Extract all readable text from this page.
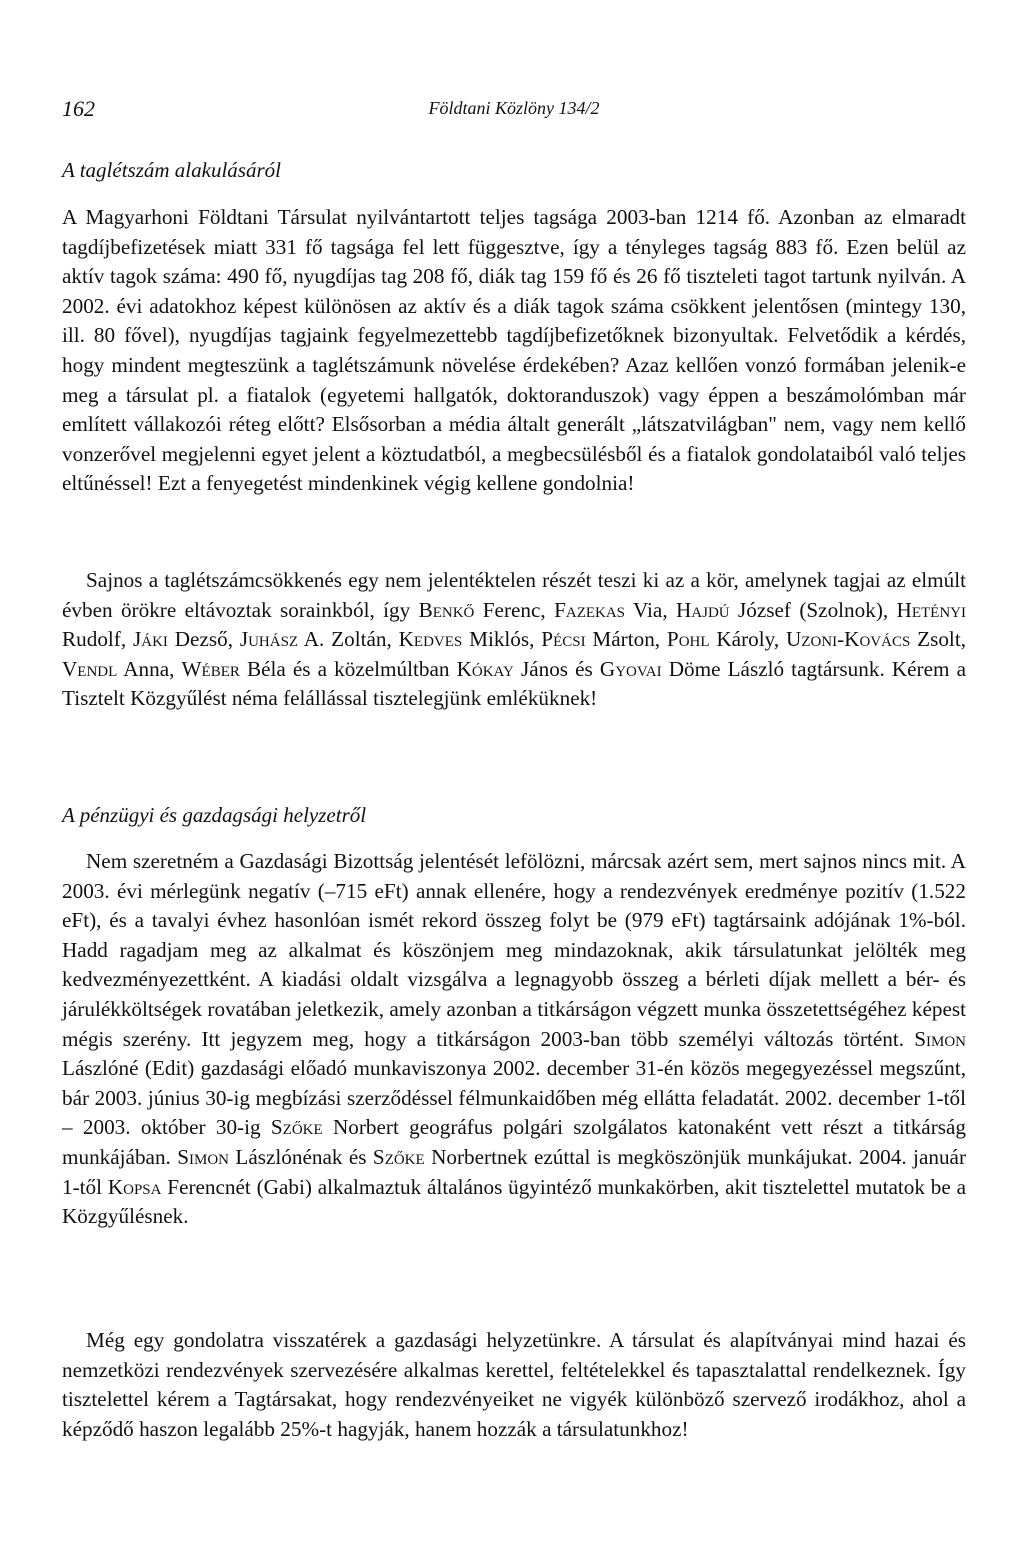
162	Földtani Közlöny 134/2
A taglétszám alakulásáról

A Magyarhoni Földtani Társulat nyilvántartott teljes tagsága 2003-ban 1214 fő. Azonban az elmaradt tagdíjbefizetések miatt 331 fő tagsága fel lett függesztve, így a tényleges tagság 883 fő. Ezen belül az aktív tagok száma: 490 fő, nyugdíjas tag 208 fő, diák tag 159 fő és 26 fő tiszteleti tagot tartunk nyilván. A 2002. évi adatokhoz képest különösen az aktív és a diák tagok száma csökkent jelentősen (mintegy 130, ill. 80 fővel), nyugdíjas tagjaink fegyelmezettebb tagdíjbefizetőknek bizonyultak. Felvetődik a kérdés, hogy mindent megteszünk a taglétszámunk növelése érdekében? Azaz kellően vonzó formában jelenik-e meg a társulat pl. a fiatalok (egyetemi hallgatók, doktoranduszok) vagy éppen a beszámolómban már említett vállakozói réteg előtt? Elsősorban a média általt generált „látszatvilágban" nem, vagy nem kellő vonzerővel megjelenni egyet jelent a köztudatból, a megbecsülésből és a fiatalok gondolataiból való teljes eltűnéssel! Ezt a fenyegetést mindenkinek végig kellene gondolnia!

Sajnos a taglétszámcsökkenés egy nem jelentéktelen részét teszi ki az a kör, amelynek tagjai az elmúlt évben örökre eltávoztak sorainkból, így Benkő Ferenc, Fazekas Via, Hajdú József (Szolnok), Hetényi Rudolf, Jáki Dezső, Juhász A. Zoltán, Kedves Miklós, Pécsi Márton, Pohl Károly, Uzoni-Kovács Zsolt, Vendl Anna, Wéber Béla és a közelmúltban Kókay János és Gyovai Döme László tagtársunk. Kérem a Tisztelt Közgyűlést néma felállással tisztelegjünk emléküknek!

A pénzügyi és gazdagsági helyzetről

Nem szeretném a Gazdasági Bizottság jelentését lefölözni, márcsak azért sem, mert sajnos nincs mit. A 2003. évi mérlegünk negatív (–715 eFt) annak ellenére, hogy a rendezvények eredménye pozitív (1.522 eFt), és a tavalyi évhez hasonlóan ismét rekord összeg folyt be (979 eFt) tagtársaink adójának 1%-ból. Hadd ragadjam meg az alkalmat és köszönjem meg mindazoknak, akik társulatunkat jelölték meg kedvezményezettként. A kiadási oldalt vizsgálva a legnagyobb összeg a bérleti díjak mellett a bér- és járulékköltségek rovatában jeletkezik, amely azonban a titkárságon végzett munka összetettségéhez képest mégis szerény. Itt jegyzem meg, hogy a titkárságon 2003-ban több személyi változás történt. Simon Lászlóné (Edit) gazdasági előadó munkaviszonya 2002. december 31-én közös megegyezéssel megszűnt, bár 2003. június 30-ig megbízási szerződéssel félmunkaidőben még ellátta feladatát. 2002. december 1-től – 2003. október 30-ig Szőke Norbert geográfus polgári szolgálatos katonaként vett részt a titkárság munkájában. Simon Lászlónénak és Szőke Norbertnek ezúttal is megköszönjük munkájukat. 2004. január 1-től Kopsa Ferencnét (Gabi) alkalmaztuk általános ügyintéző munkakörben, akit tisztelettel mutatok be a Közgyűlésnek.

Még egy gondolatra visszatérek a gazdasági helyzetünkre. A társulat és alapítványai mind hazai és nemzetközi rendezvények szervezésére alkalmas kerettel, feltételekkel és tapasztalattal rendelkeznek. Így tisztelettel kérem a Tagtársakat, hogy rendezvényeiket ne vigyék különböző szervező irodákhoz, ahol a képződő haszon legalább 25%-t hagyják, hanem hozzák a társulatunkhoz!
